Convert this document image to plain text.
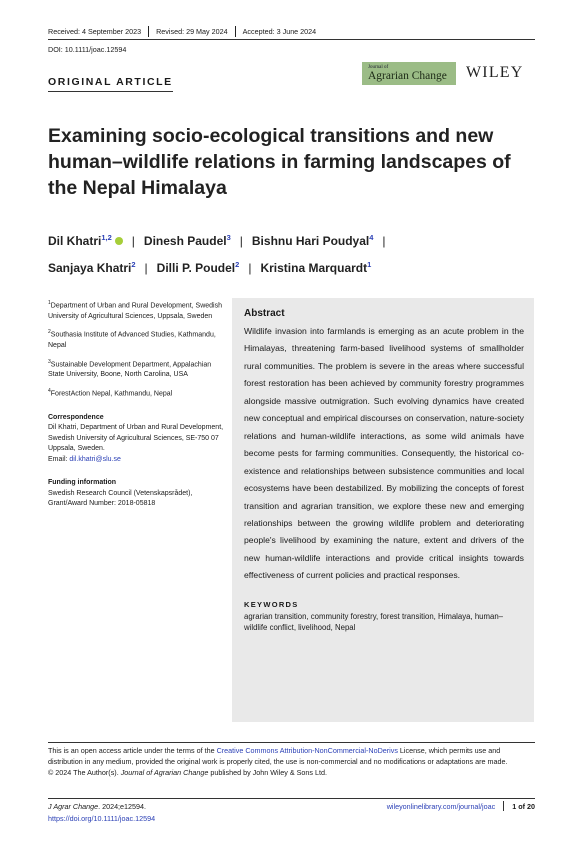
Received: 4 September 2023 Revised: 29 May 2024 Accepted: 3 June 2024
DOI: 10.1111/joac.12594
ORIGINAL ARTICLE
Journal of
Agrarian Change	WILEY
Examining socio-ecological transitions and new human–wildlife relations in farming landscapes of the Nepal Himalaya
Dil Khatri$^{1,2}$ | Dinesh Paudel$^3$ | Bishnu Hari Poudyal$^4$ |
Sanjaya Khatri$^2$ | Dilli P. Poudel$^2$ | Kristina Marquardt$^1$

$^1$Department of Urban and Rural Development, Swedish University of Agricultural Sciences, Uppsala, Sweden

$^2$Southasia Institute of Advanced Studies, Kathmandu, Nepal

$^3$Sustainable Development Department, Appalachian State University, Boone, North Carolina, USA

$^4$ForestAction Nepal, Kathmandu, Nepal

Correspondence

Dil Khatri, Department of Urban and Rural Development, Swedish University of Agricultural Sciences, SE-750 07 Uppsala, Sweden.

Email: dil.khatri@slu.se

Funding information

Swedish Research Council (Vetenskapsrådet), Grant/Award Number: 2018-05818

Abstract
Wildlife invasion into farmlands is emerging as an acute problem in the Himalayas, threatening farm-based livelihood systems of smallholder rural communities. The problem is severe in the areas where successful forest restoration has been achieved by community forestry programmes alongside massive outmigration. Such evolving dynamics have created new conceptual and empirical discourses on conservation, nature-society relations and human-wildlife interactions, as some wild animals have become pests for farming communities. Consequently, the historical co-existence and relationships between subsistence communities and local ecosystems have been destabilized. By mobilizing the concepts of forest transition and agrarian transition, we explore these new and emerging relationships between the growing wildlife problem and deteriorating people's livelihood by examining the nature, extent and drivers of the new human-wildlife interactions and provide critical insights towards effectiveness of current policies and practical responses.
KEYWORDS
agrarian transition, community forestry, forest transition, Himalaya, human–wildlife conflict, livelihood, Nepal
This is an open access article under the terms of the Creative Commons Attribution-NonCommercial-NoDerivs License, which permits use and distribution in any medium, provided the original work is properly cited, the use is non-commercial and no modifications or adaptations are made.
© 2024 The Author(s). Journal of Agrarian Change published by John Wiley & Sons Ltd.
J Agrar Change. 2024;e12594.
https://doi.org/10.1111/joac.12594
wileyonlinelibrary.com/journal/joac 1 of 20
